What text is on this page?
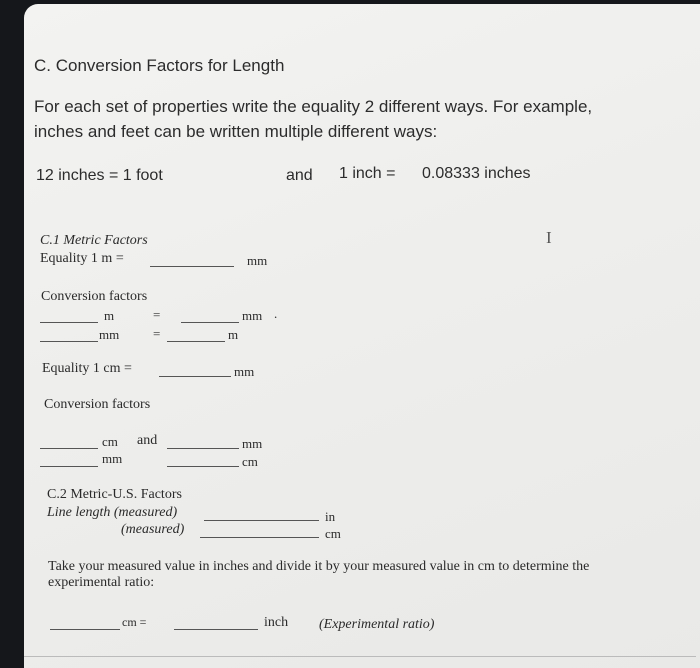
C. Conversion Factors for Length
For each set of properties write the equality 2 different ways. For example,
inches and feet can be written multiple different ways:
12 inches = 1 foot	and 1 inch = 0.08333 inches
I
C.1 Metric Factors
Equality 1 m =	mm
Conversion factors
m	=	mm .
mm	=	m
Equality 1 cm =	mm
Conversion factors
cm and	mm
mm	cm
C.2 Metric-U.S. Factors
Line length (measured)	in
(measured)	cm
Take your measured value in inches and divide it by your measured value in cm to determine the
experimental ratio:
cm =	inch (Experimental ratio)
